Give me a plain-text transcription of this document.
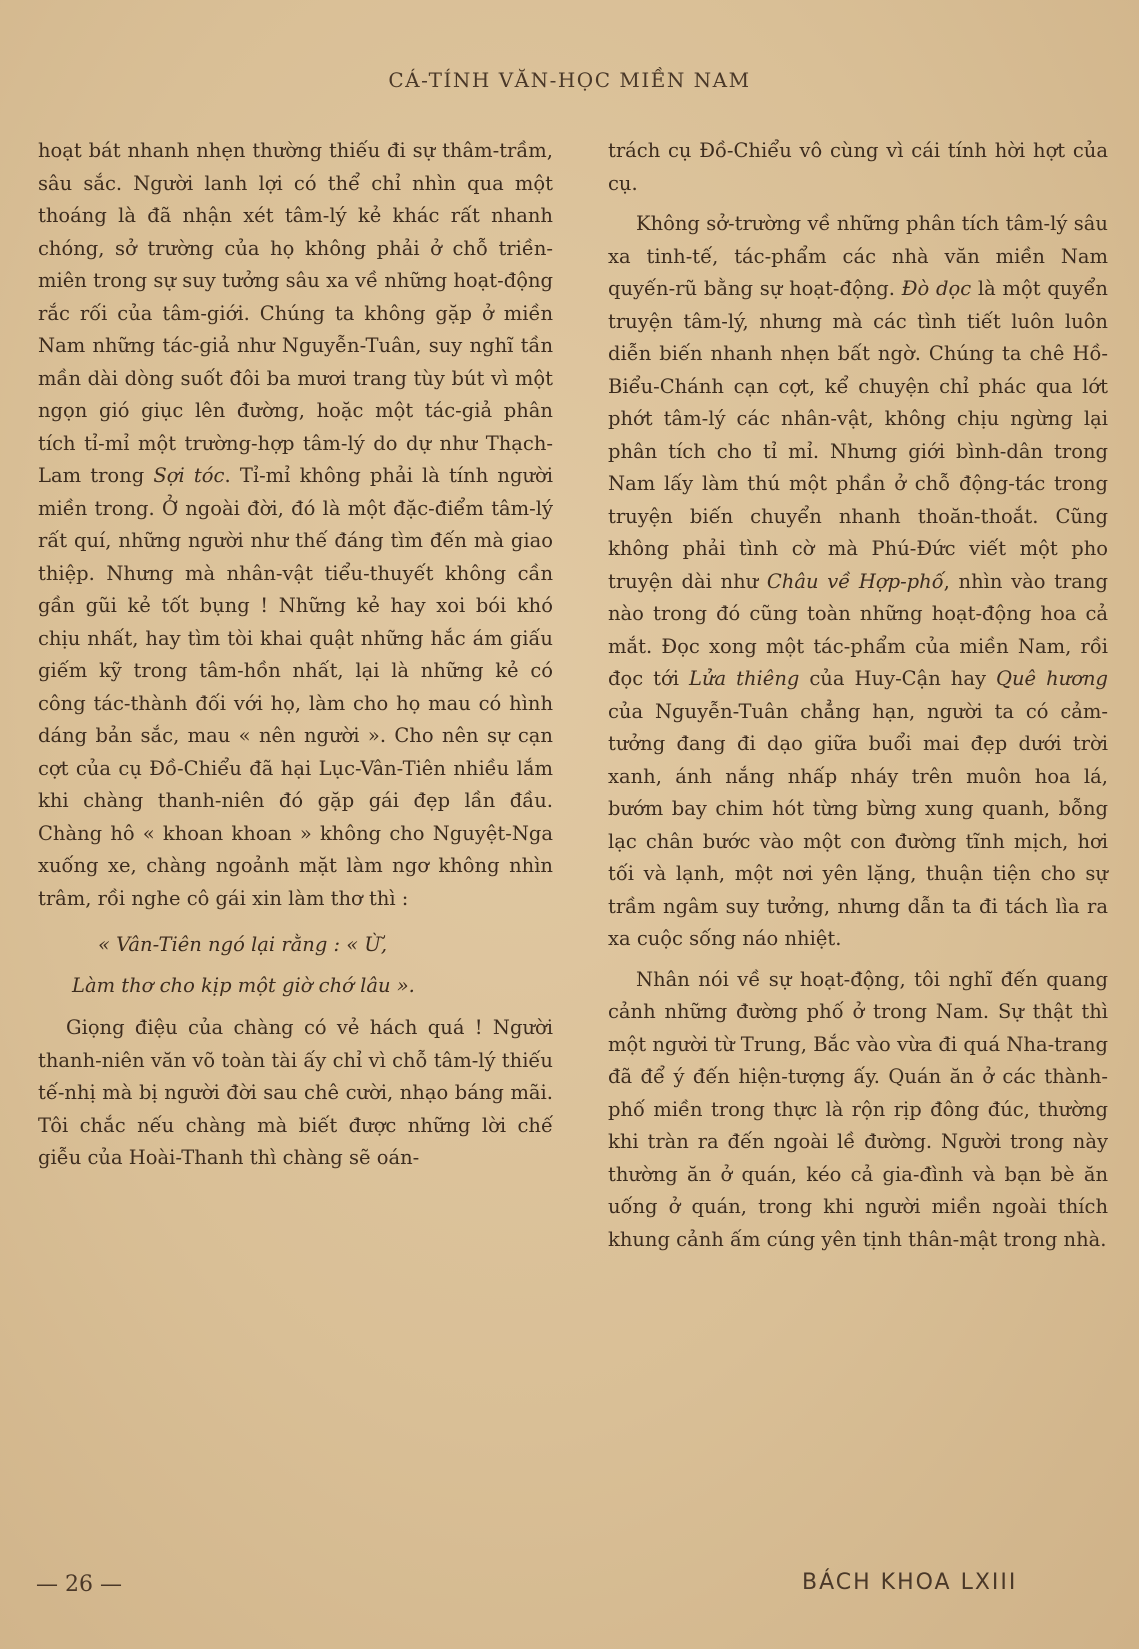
CÁ-TÍNH VĂN-HỌC MIỀN NAM

hoạt bát nhanh nhẹn thường thiếu đi sự thâm-trầm, sâu sắc. Người lanh lợi có thể chỉ nhìn qua một thoáng là đã nhận xét tâm-lý kẻ khác rất nhanh chóng, sở trường của họ không phải ở chỗ triền-miên trong sự suy tưởng sâu xa về những hoạt-động rắc rối của tâm-giới. Chúng ta không gặp ở miền Nam những tác-giả như Nguyễn-Tuân, suy nghĩ tần mần dài dòng suốt đôi ba mươi trang tùy bút vì một ngọn gió giục lên đường, hoặc một tác-giả phân tích tỉ-mỉ một trường-hợp tâm-lý do dự như Thạch-Lam trong Sợi tóc. Tỉ-mỉ không phải là tính người miền trong. Ở ngoài đời, đó là một đặc-điểm tâm-lý rất quí, những người như thế đáng tìm đến mà giao thiệp. Nhưng mà nhân-vật tiểu-thuyết không cần gần gũi kẻ tốt bụng ! Những kẻ hay xoi bói khó chịu nhất, hay tìm tòi khai quật những hắc ám giấu giếm kỹ trong tâm-hồn nhất, lại là những kẻ có công tác-thành đối với họ, làm cho họ mau có hình dáng bản sắc, mau « nên người ». Cho nên sự cạn cợt của cụ Đồ-Chiểu đã hại Lục-Vân-Tiên nhiều lắm khi chàng thanh-niên đó gặp gái đẹp lần đầu. Chàng hô « khoan khoan » không cho Nguyệt-Nga xuống xe, chàng ngoảnh mặt làm ngơ không nhìn trâm, rồi nghe cô gái xin làm thơ thì :

« Vân-Tiên ngó lại rằng : « Ừ,

Làm thơ cho kịp một giờ chớ lâu ».

Giọng điệu của chàng có vẻ hách quá ! Người thanh-niên văn võ toàn tài ấy chỉ vì chỗ tâm-lý thiếu tế-nhị mà bị người đời sau chê cười, nhạo báng mãi. Tôi chắc nếu chàng mà biết được những lời chế giễu của Hoài-Thanh thì chàng sẽ oán-

trách cụ Đồ-Chiểu vô cùng vì cái tính hời hợt của cụ.

Không sở-trường về những phân tích tâm-lý sâu xa tinh-tế, tác-phẩm các nhà văn miền Nam quyến-rũ bằng sự hoạt-động. Đò dọc là một quyển truyện tâm-lý, nhưng mà các tình tiết luôn luôn diễn biến nhanh nhẹn bất ngờ. Chúng ta chê Hồ-Biểu-Chánh cạn cợt, kể chuyện chỉ phác qua lớt phớt tâm-lý các nhân-vật, không chịu ngừng lại phân tích cho tỉ mỉ. Nhưng giới bình-dân trong Nam lấy làm thú một phần ở chỗ động-tác trong truyện biến chuyển nhanh thoăn-thoắt. Cũng không phải tình cờ mà Phú-Đức viết một pho truyện dài như Châu về Hợp-phố, nhìn vào trang nào trong đó cũng toàn những hoạt-động hoa cả mắt. Đọc xong một tác-phẩm của miền Nam, rồi đọc tới Lửa thiêng của Huy-Cận hay Quê hương của Nguyễn-Tuân chẳng hạn, người ta có cảm-tưởng đang đi dạo giữa buổi mai đẹp dưới trời xanh, ánh nắng nhấp nháy trên muôn hoa lá, bướm bay chim hót từng bừng xung quanh, bỗng lạc chân bước vào một con đường tĩnh mịch, hơi tối và lạnh, một nơi yên lặng, thuận tiện cho sự trầm ngâm suy tưởng, nhưng dẫn ta đi tách lìa ra xa cuộc sống náo nhiệt.

Nhân nói về sự hoạt-động, tôi nghĩ đến quang cảnh những đường phố ở trong Nam. Sự thật thì một người từ Trung, Bắc vào vừa đi quá Nha-trang đã để ý đến hiện-tượng ấy. Quán ăn ở các thành-phố miền trong thực là rộn rịp đông đúc, thường khi tràn ra đến ngoài lề đường. Người trong này thường ăn ở quán, kéo cả gia-đình và bạn bè ăn uống ở quán, trong khi người miền ngoài thích khung cảnh ấm cúng yên tịnh thân-mật trong nhà.

— 26 —	BÁCH KHOA LXIII
